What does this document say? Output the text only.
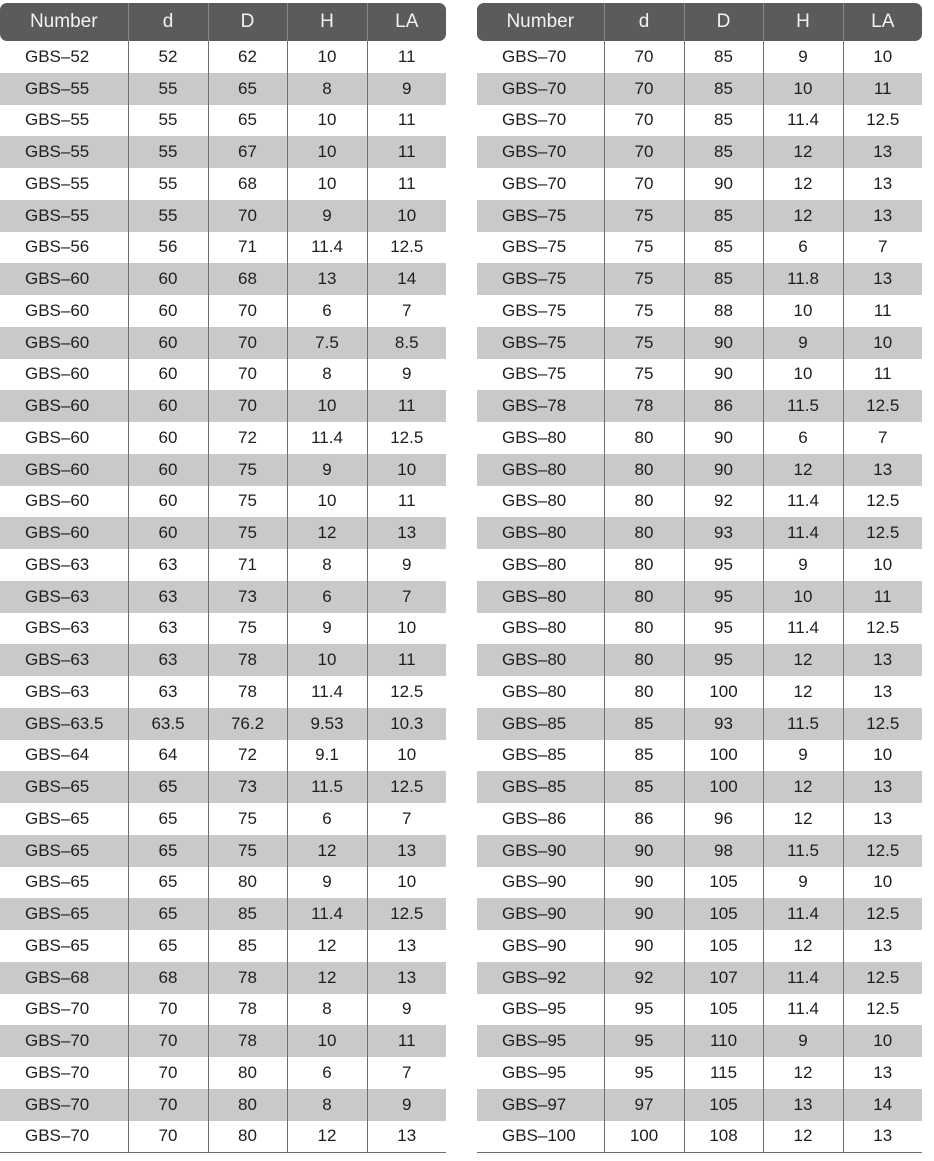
Number	d	D	H	LA
GBS–52	52	62	10	11
GBS–55	55	65	8	9
GBS–55	55	65	10	11
GBS–55	55	67	10	11
GBS–55	55	68	10	11
GBS–55	55	70	9	10
GBS–56	56	71	11.4	12.5
GBS–60	60	68	13	14
GBS–60	60	70	6	7
GBS–60	60	70	7.5	8.5
GBS–60	60	70	8	9
GBS–60	60	70	10	11
GBS–60	60	72	11.4	12.5
GBS–60	60	75	9	10
GBS–60	60	75	10	11
GBS–60	60	75	12	13
GBS–63	63	71	8	9
GBS–63	63	73	6	7
GBS–63	63	75	9	10
GBS–63	63	78	10	11
GBS–63	63	78	11.4	12.5
GBS–63.5	63.5	76.2	9.53	10.3
GBS–64	64	72	9.1	10
GBS–65	65	73	11.5	12.5
GBS–65	65	75	6	7
GBS–65	65	75	12	13
GBS–65	65	80	9	10
GBS–65	65	85	11.4	12.5
GBS–65	65	85	12	13
GBS–68	68	78	12	13
GBS–70	70	78	8	9
GBS–70	70	78	10	11
GBS–70	70	80	6	7
GBS–70	70	80	8	9
GBS–70	70	80	12	13
Number	d	D	H	LA
GBS–70	70	85	9	10
GBS–70	70	85	10	11
GBS–70	70	85	11.4	12.5
GBS–70	70	85	12	13
GBS–70	70	90	12	13
GBS–75	75	85	12	13
GBS–75	75	85	6	7
GBS–75	75	85	11.8	13
GBS–75	75	88	10	11
GBS–75	75	90	9	10
GBS–75	75	90	10	11
GBS–78	78	86	11.5	12.5
GBS–80	80	90	6	7
GBS–80	80	90	12	13
GBS–80	80	92	11.4	12.5
GBS–80	80	93	11.4	12.5
GBS–80	80	95	9	10
GBS–80	80	95	10	11
GBS–80	80	95	11.4	12.5
GBS–80	80	95	12	13
GBS–80	80	100	12	13
GBS–85	85	93	11.5	12.5
GBS–85	85	100	9	10
GBS–85	85	100	12	13
GBS–86	86	96	12	13
GBS–90	90	98	11.5	12.5
GBS–90	90	105	9	10
GBS–90	90	105	11.4	12.5
GBS–90	90	105	12	13
GBS–92	92	107	11.4	12.5
GBS–95	95	105	11.4	12.5
GBS–95	95	110	9	10
GBS–95	95	115	12	13
GBS–97	97	105	13	14
GBS–100	100	108	12	13
